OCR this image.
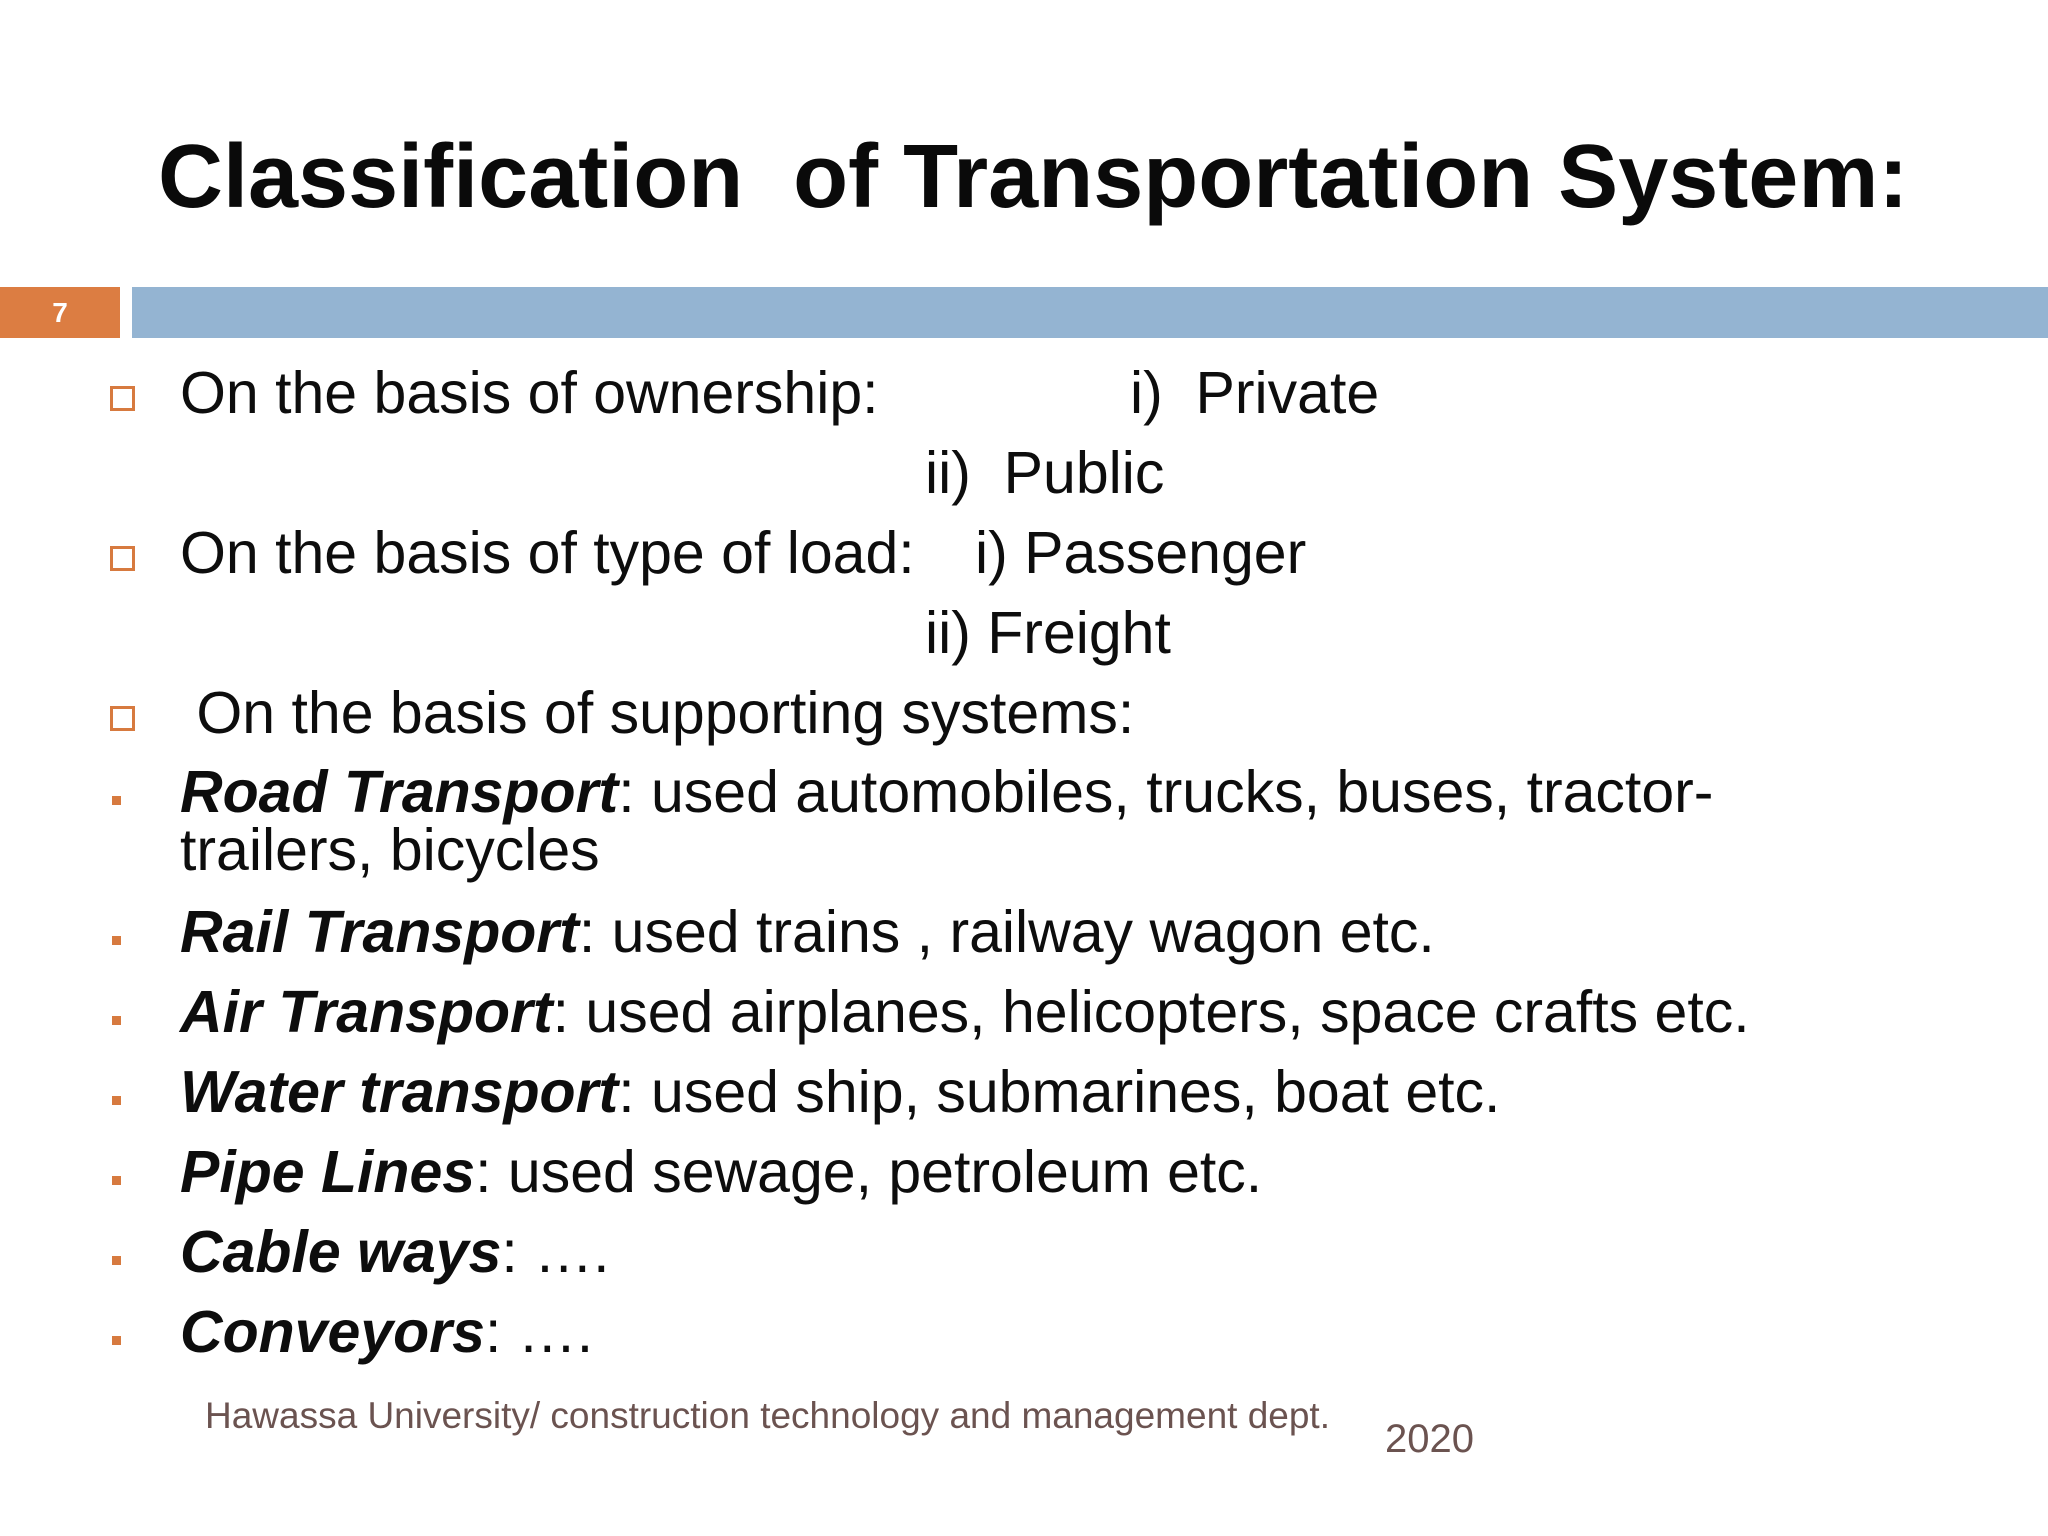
Classification  of Transportation System:
7
On the basis of ownership:	i)  Private
ii)  Public
On the basis of type of load: i) Passenger
ii) Freight
On the basis of supporting systems:
Road Transport: used automobiles, trucks, buses, tractor-trailers, bicycles
Rail Transport: used trains , railway wagon etc.
Air Transport: used airplanes, helicopters, space crafts etc.
Water transport: used ship, submarines, boat etc.
Pipe Lines: used sewage, petroleum etc.
Cable ways: ….
Conveyors: ….
Hawassa University/ construction technology and management dept.
2020
